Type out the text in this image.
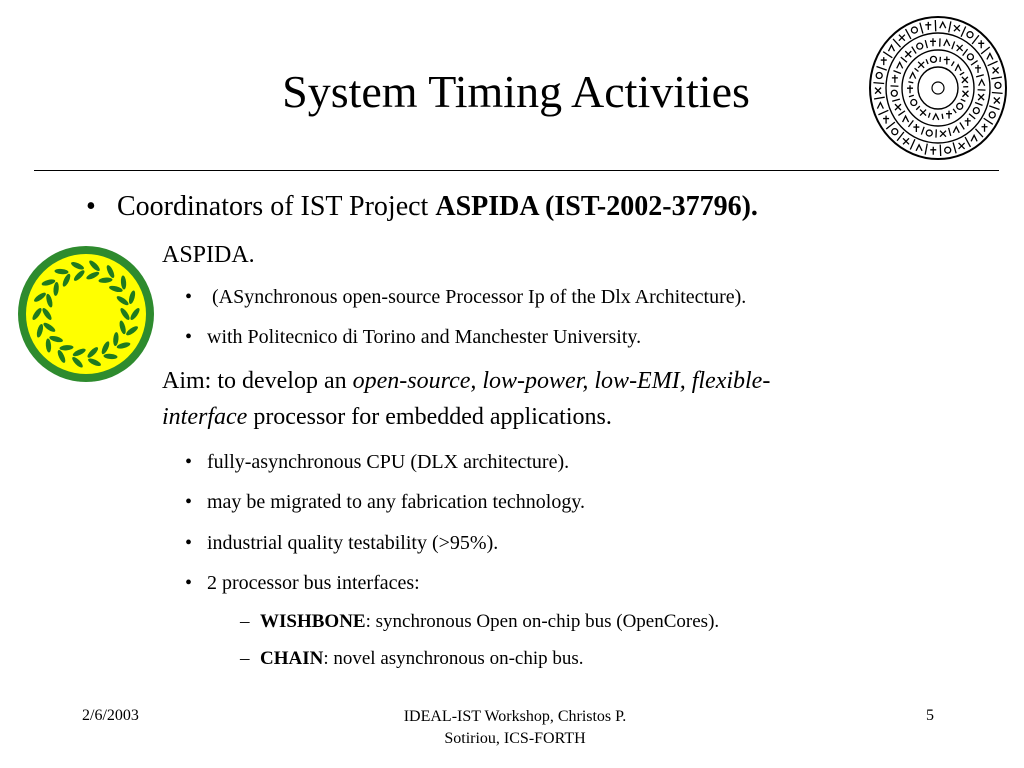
System Timing Activities
• Coordinators of IST Project ASPIDA (IST-2002-37796).
ASPIDA.
• (ASynchronous open-source Processor Ip of the Dlx Architecture).
• with Politecnico di Torino and Manchester University.
Aim: to develop an open-source, low-power, low-EMI, flexible-
interface processor for embedded applications.
• fully-asynchronous CPU (DLX architecture).
• may be migrated to any fabrication technology.
• industrial quality testability (>95%).
• 2 processor bus interfaces:
– WISHBONE: synchronous Open on-chip bus (OpenCores).
– CHAIN: novel asynchronous on-chip bus.
2/6/2003	IDEAL-IST Workshop, Christos P.
Sotiriou, ICS-FORTH
5
